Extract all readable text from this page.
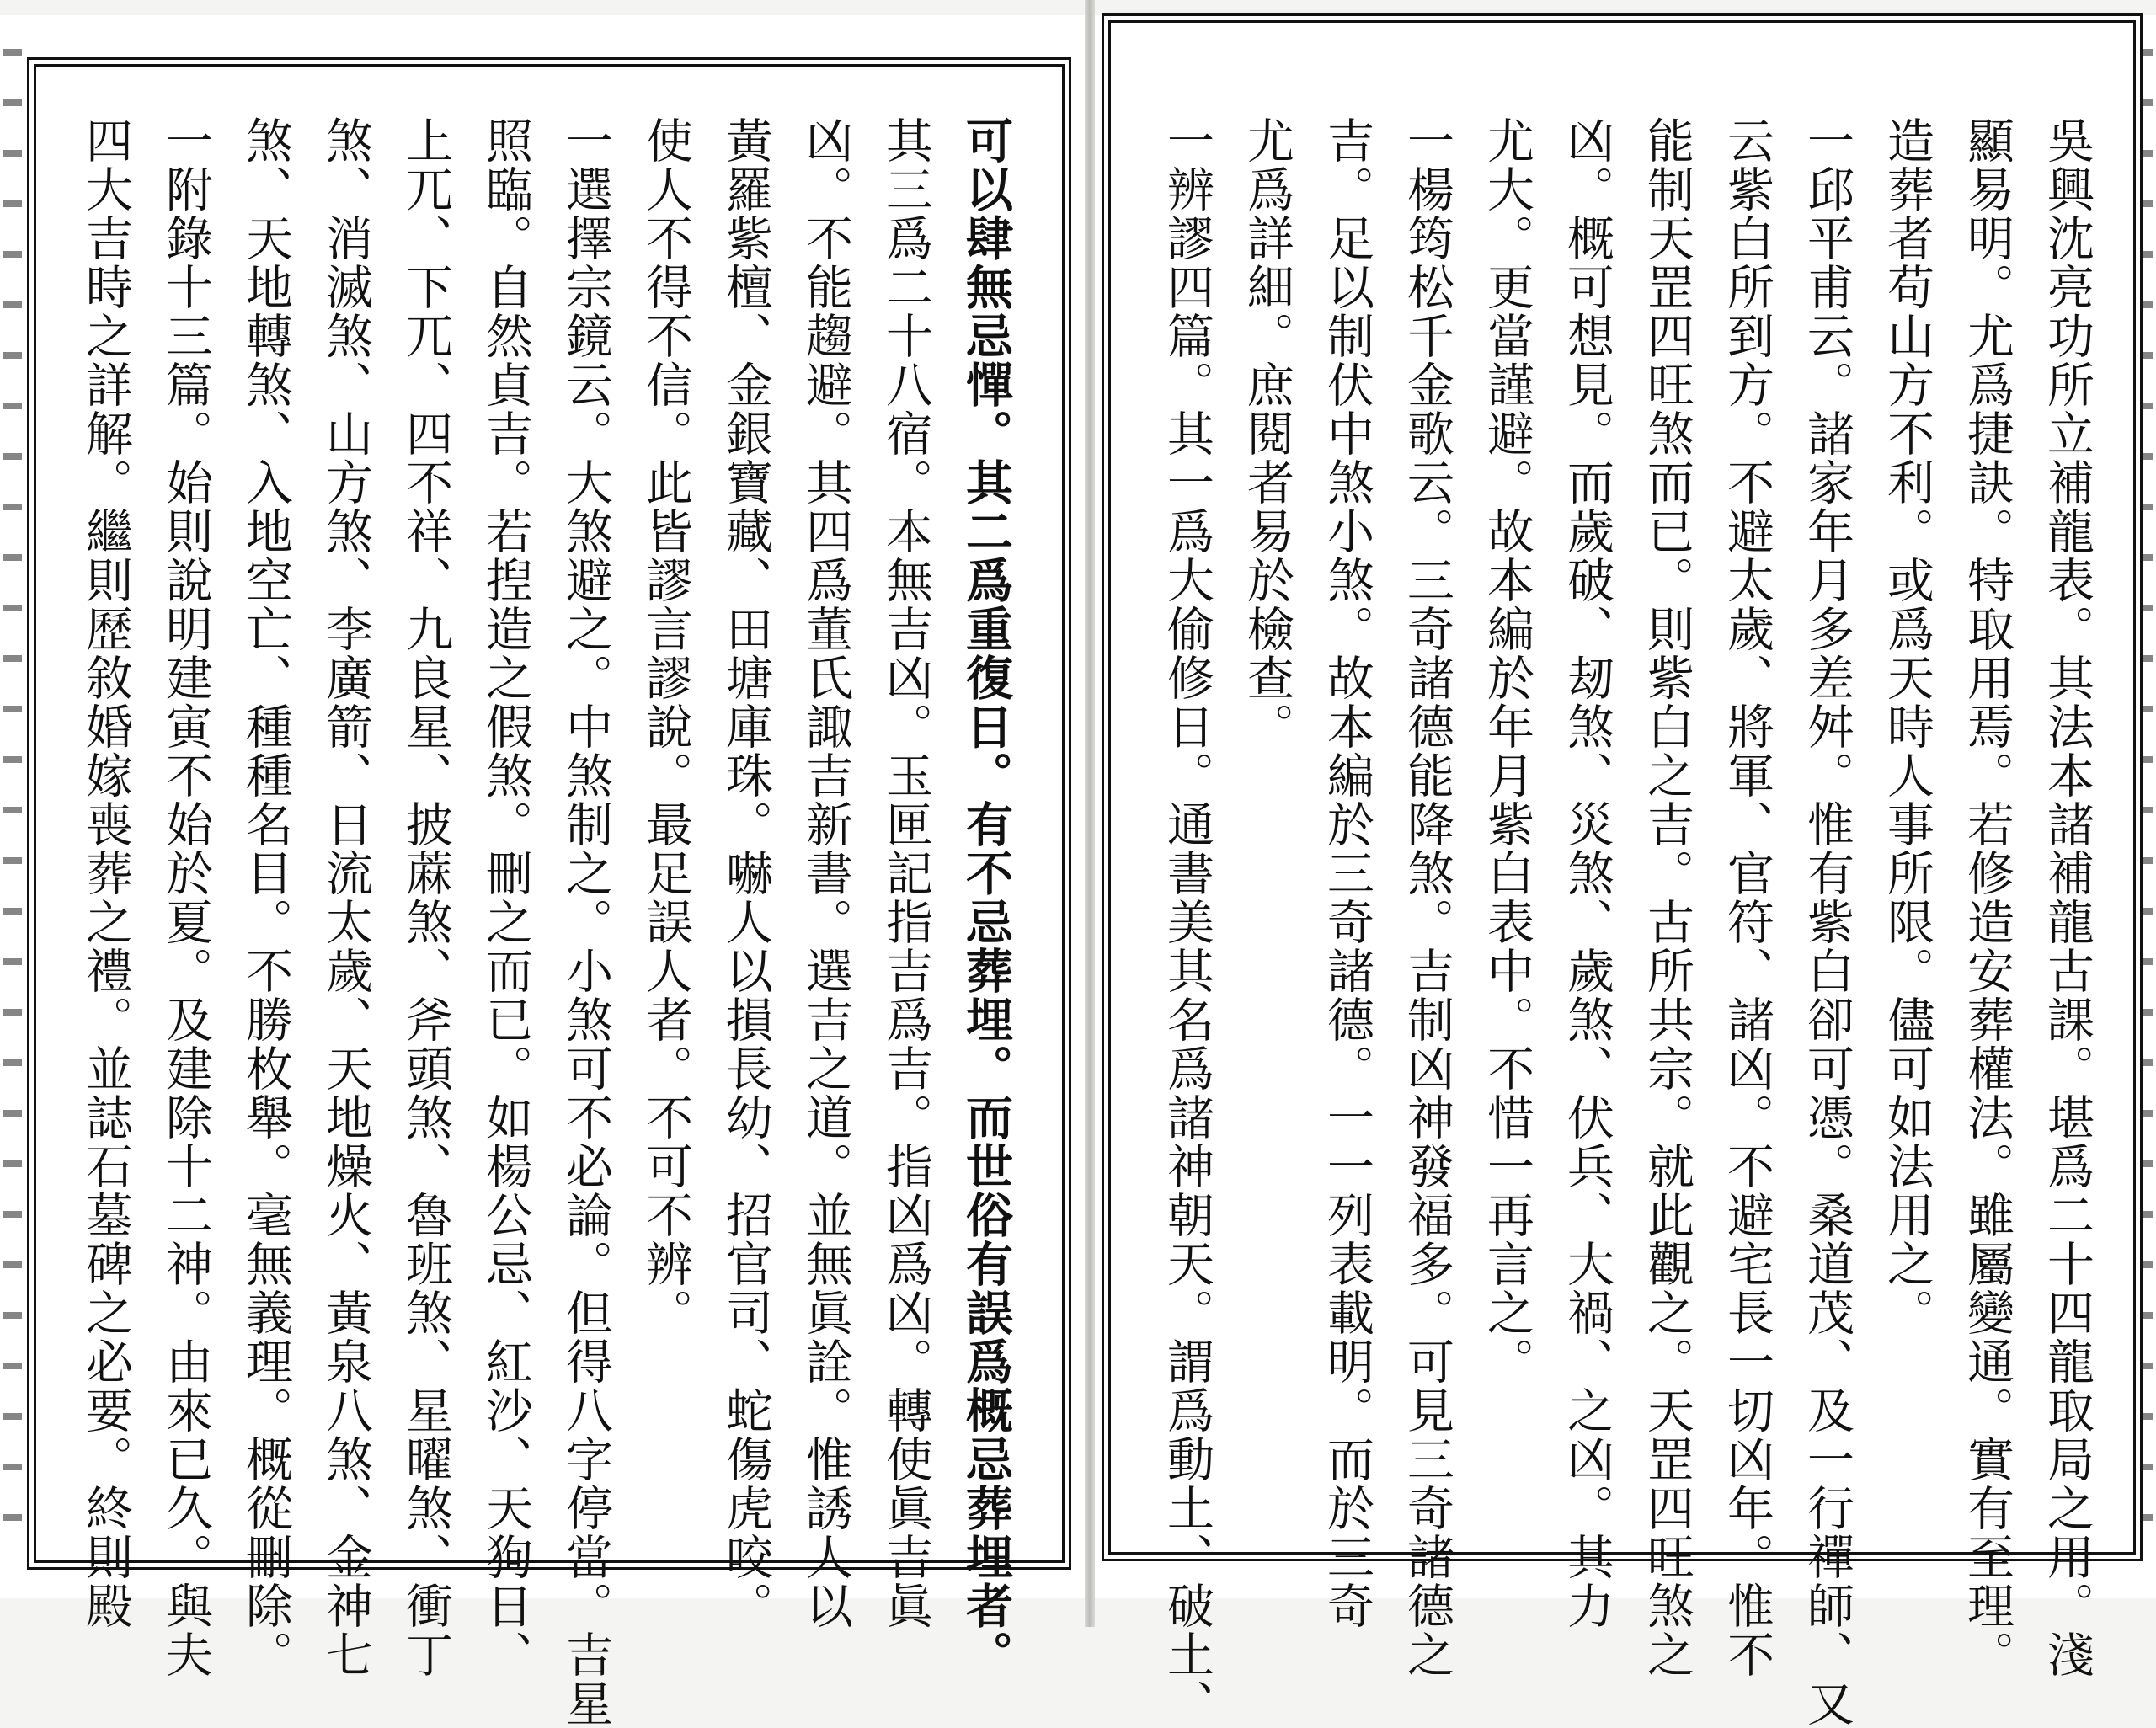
可以肆無忌憚。其二爲重復日。有不忌葬埋。而世俗有誤爲概忌葬埋者。
其三爲二十八宿。本無吉凶。玉匣記指吉爲吉。指凶爲凶。轉使眞吉眞
凶。不能趨避。其四爲董氏諏吉新書。選吉之道。並無眞詮。惟誘人以
黃羅紫檀、金銀寶藏、田塘庫珠。嚇人以損長幼、招官司、蛇傷虎咬。
使人不得不信。此皆謬言謬說。最足誤人者。不可不辨。
一選擇宗鏡云。大煞避之。中煞制之。小煞可不必論。但得八字停當。吉星
照臨。自然貞吉。若揑造之假煞。刪之而已。如楊公忌、紅沙、天狗日、
上兀、下兀、四不祥、九良星、披蔴煞、斧頭煞、魯班煞、星曜煞、衝丁
煞、消滅煞、山方煞、李廣箭、日流太歲、天地燥火、黃泉八煞、金神七
煞、天地轉煞、入地空亡、種種名目。不勝枚舉。毫無義理。概從刪除。
一附錄十三篇。始則說明建寅不始於夏。及建除十二神。由來已久。與夫
四大吉時之詳解。繼則歷敘婚嫁喪葬之禮。並誌石墓碑之必要。終則殿	吳興沈亮功所立補龍表。其法本諸補龍古課。堪爲二十四龍取局之用。淺
顯易明。尤爲捷訣。特取用焉。若修造安葬權法。雖屬變通。實有至理。
造葬者苟山方不利。或爲天時人事所限。儘可如法用之。
一邱平甫云。諸家年月多差舛。惟有紫白卻可憑。桑道茂、及一行禪師、又
云紫白所到方。不避太歲、將軍、官符、諸凶。不避宅長一切凶年。惟不
能制天罡四旺煞而已。則紫白之吉。古所共宗。就此觀之。天罡四旺煞之
凶。概可想見。而歲破、刼煞、災煞、歲煞、伏兵、大禍、之凶。其力
尤大。更當謹避。故本編於年月紫白表中。不惜一再言之。
一楊筠松千金歌云。三奇諸德能降煞。吉制凶神發福多。可見三奇諸德之
吉。足以制伏中煞小煞。故本編於三奇諸德。一一列表載明。而於三奇
尤爲詳細。庶閱者易於檢查。
一辨謬四篇。其一爲大偷修日。通書美其名爲諸神朝天。謂爲動土、破土、
